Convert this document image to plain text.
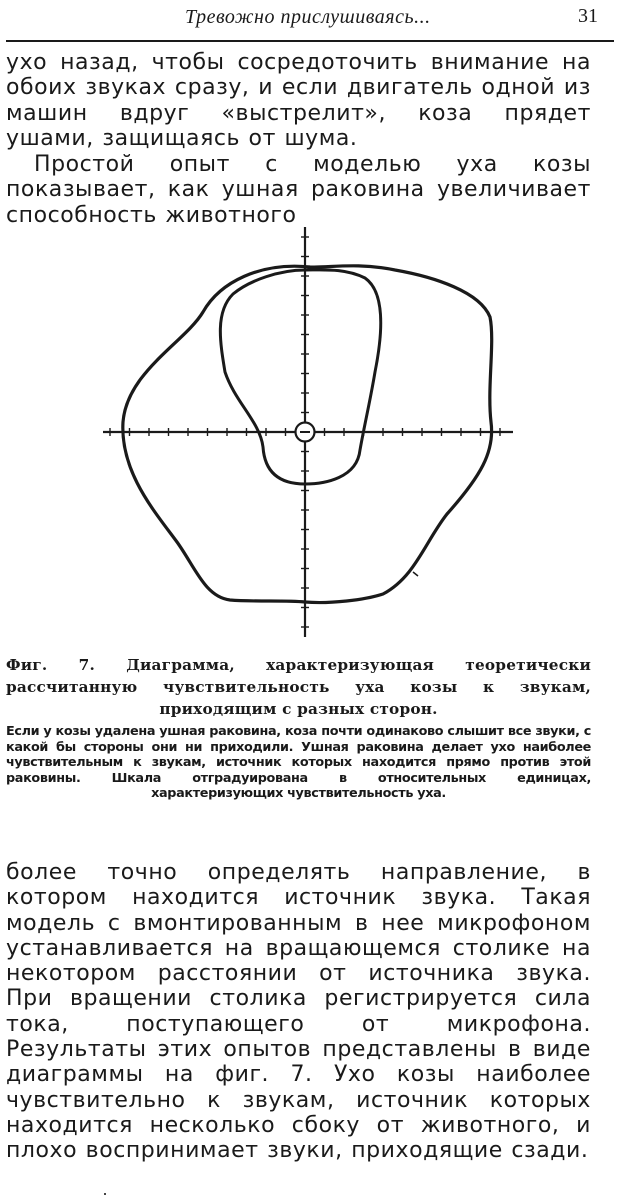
Тревожно прислушиваясь...	31

ухо назад, чтобы сосредоточить внимание на обоих звуках сразу, и если двигатель одной из машин вдруг «выстрелит», коза прядет ушами, защищаясь от шума.

Простой опыт с моделью уха козы показывает, как ушная раковина увеличивает способность животного

Фиг. 7. Диаграмма, характеризующая теоретически рассчитанную чувствительность уха козы к звукам, приходящим с разных сторон.

Если у козы удалена ушная раковина, коза почти одинаково слышит все звуки, с какой бы стороны они ни приходили. Ушная раковина делает ухо наиболее чувствительным к звукам, источник которых находится прямо против этой раковины. Шкала отградуирована в относительных единицах, характеризующих чувствительность уха.

более точно определять направление, в котором находится источник звука. Такая модель с вмонтированным в нее микрофоном устанавливается на вращающемся столике на некотором расстоянии от источника звука. При вращении столика регистрируется сила тока, поступающего от микрофона. Результаты этих опытов представлены в виде диаграммы на фиг. 7. Ухо козы наиболее чувствительно к звукам, источник которых находится несколько сбоку от животного, и плохо воспринимает звуки, приходящие сзади.
